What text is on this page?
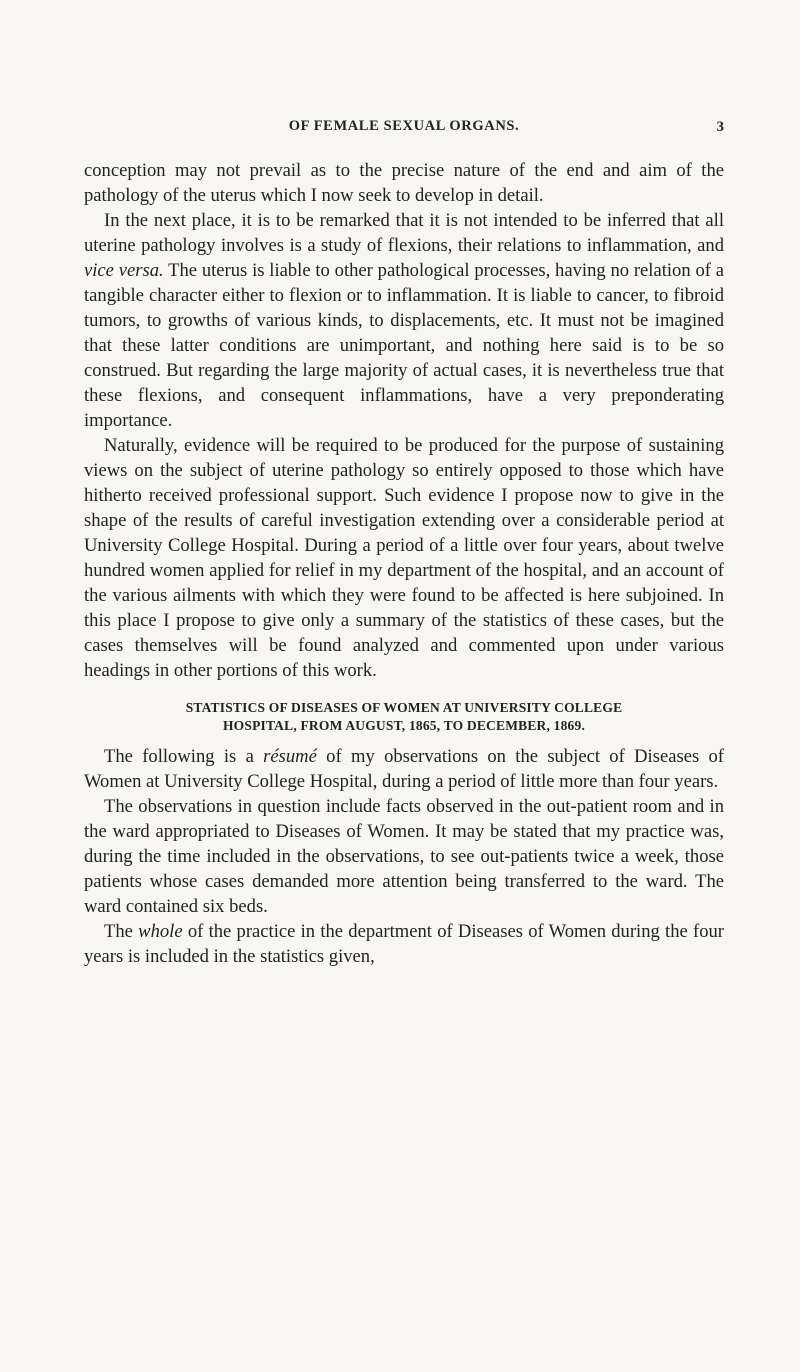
OF FEMALE SEXUAL ORGANS.	3

conception may not prevail as to the precise nature of the end and aim of the pathology of the uterus which I now seek to develop in detail.

In the next place, it is to be remarked that it is not intended to be inferred that all uterine pathology involves is a study of flexions, their relations to inflammation, and vice versa. The uterus is liable to other pathological processes, having no relation of a tangible character either to flexion or to inflammation. It is liable to cancer, to fibroid tumors, to growths of various kinds, to displacements, etc. It must not be imagined that these latter conditions are unimportant, and nothing here said is to be so construed. But regarding the large majority of actual cases, it is nevertheless true that these flexions, and consequent inflammations, have a very preponderating importance.

Naturally, evidence will be required to be produced for the purpose of sustaining views on the subject of uterine pathology so entirely opposed to those which have hitherto received professional support. Such evidence I propose now to give in the shape of the results of careful investigation extending over a considerable period at University College Hospital. During a period of a little over four years, about twelve hundred women applied for relief in my department of the hospital, and an account of the various ailments with which they were found to be affected is here subjoined. In this place I propose to give only a summary of the statistics of these cases, but the cases themselves will be found analyzed and commented upon under various headings in other portions of this work.

STATISTICS OF DISEASES OF WOMEN AT UNIVERSITY COLLEGE
HOSPITAL, FROM AUGUST, 1865, TO DECEMBER, 1869.

The following is a résumé of my observations on the subject of Diseases of Women at University College Hospital, during a period of little more than four years.

The observations in question include facts observed in the out-patient room and in the ward appropriated to Diseases of Women. It may be stated that my practice was, during the time included in the observations, to see out-patients twice a week, those patients whose cases demanded more attention being transferred to the ward. The ward contained six beds.

The whole of the practice in the department of Diseases of Women during the four years is included in the statistics given,
